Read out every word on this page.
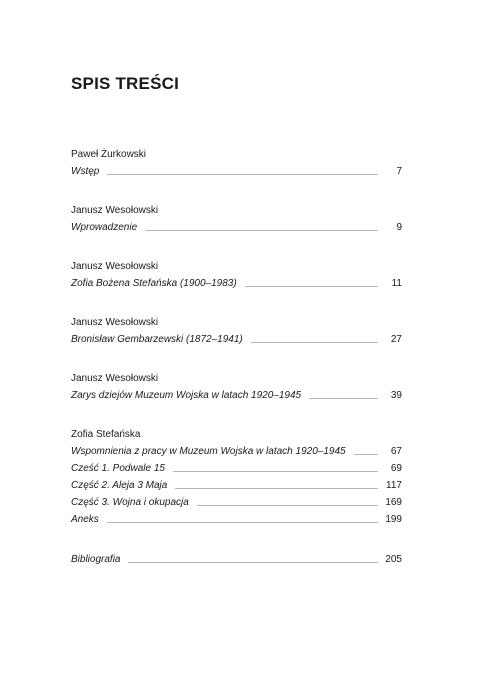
SPIS TREŚCI
Paweł Żurkowski
Wstęp	7
Janusz Wesołowski
Wprowadzenie	9
Janusz Wesołowski
Zofia Bożena Stefańska (1900–1983)	11
Janusz Wesołowski
Bronisław Gembarzewski (1872–1941)	27
Janusz Wesołowski
Zarys dziejów Muzeum Wojska w latach 1920–1945	39
Zofia Stefańska
Wspomnienia z pracy w Muzeum Wojska w latach 1920–1945	67
Cześć 1. Podwale 15	69
Część 2. Aleja 3 Maja	117
Część 3. Wojna i okupacja	169
Aneks	199
Bibliografia	205
